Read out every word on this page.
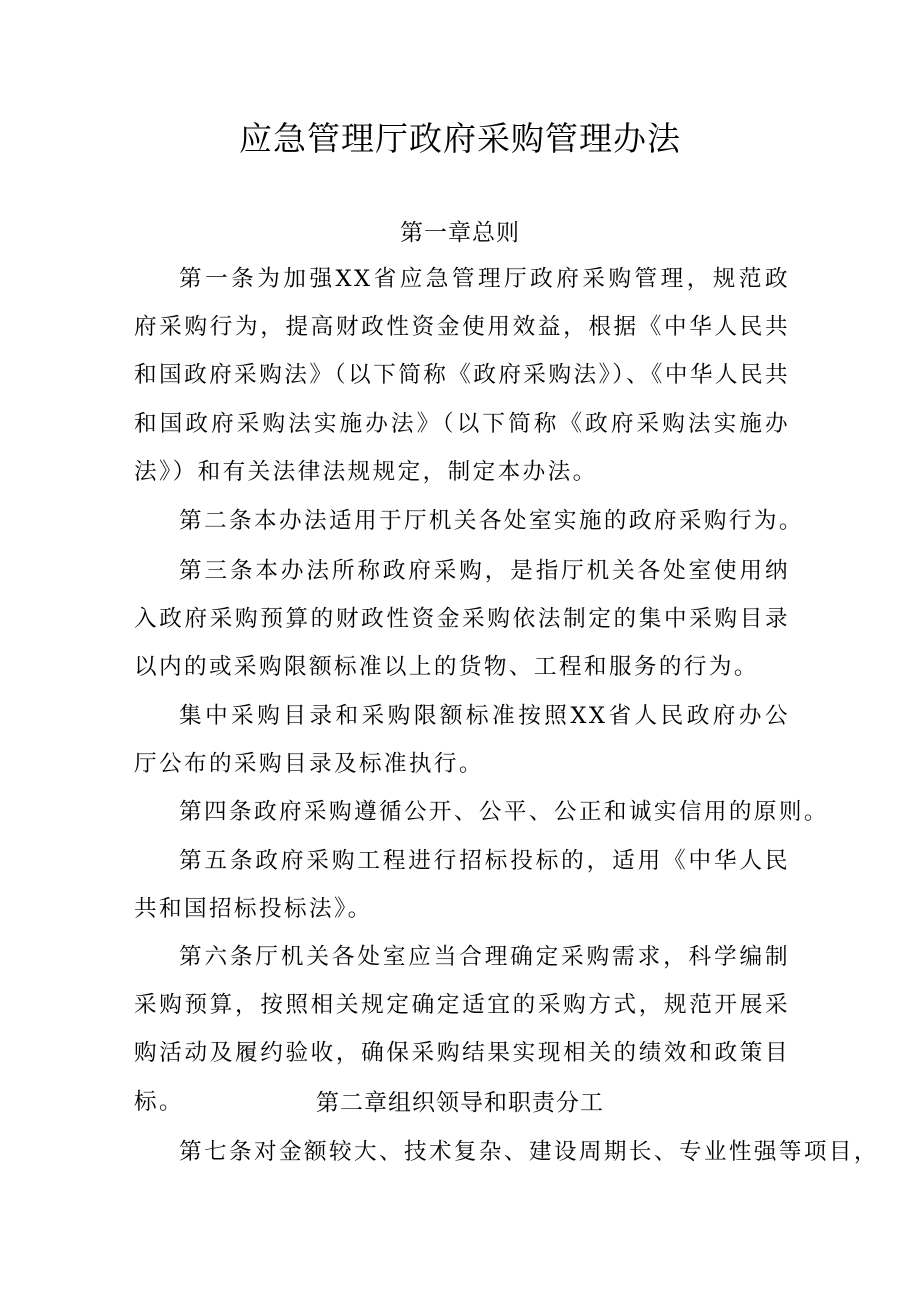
应急管理厅政府采购管理办法
第一章总则

第一条为加强XX省应急管理厅政府采购管理，规范政府采购行为，提高财政性资金使用效益，根据《中华人民共和国政府采购法》（以下简称《政府采购法》）、《中华人民共和国政府采购法实施办法》（以下简称《政府采购法实施办法》）和有关法律法规规定，制定本办法。

第二条本办法适用于厅机关各处室实施的政府采购行为。

第三条本办法所称政府采购，是指厅机关各处室使用纳入政府采购预算的财政性资金采购依法制定的集中采购目录以内的或采购限额标准以上的货物、工程和服务的行为。

集中采购目录和采购限额标准按照XX省人民政府办公厅公布的采购目录及标准执行。

第四条政府采购遵循公开、公平、公正和诚实信用的原则。

第五条政府采购工程进行招标投标的，适用《中华人民共和国招标投标法》。

第六条厅机关各处室应当合理确定采购需求，科学编制采购预算，按照相关规定确定适宜的采购方式，规范开展采购活动及履约验收，确保采购结果实现相关的绩效和政策目标。	第二章组织领导和职责分工

第七条对金额较大、技术复杂、建设周期长、专业性强等项目，
